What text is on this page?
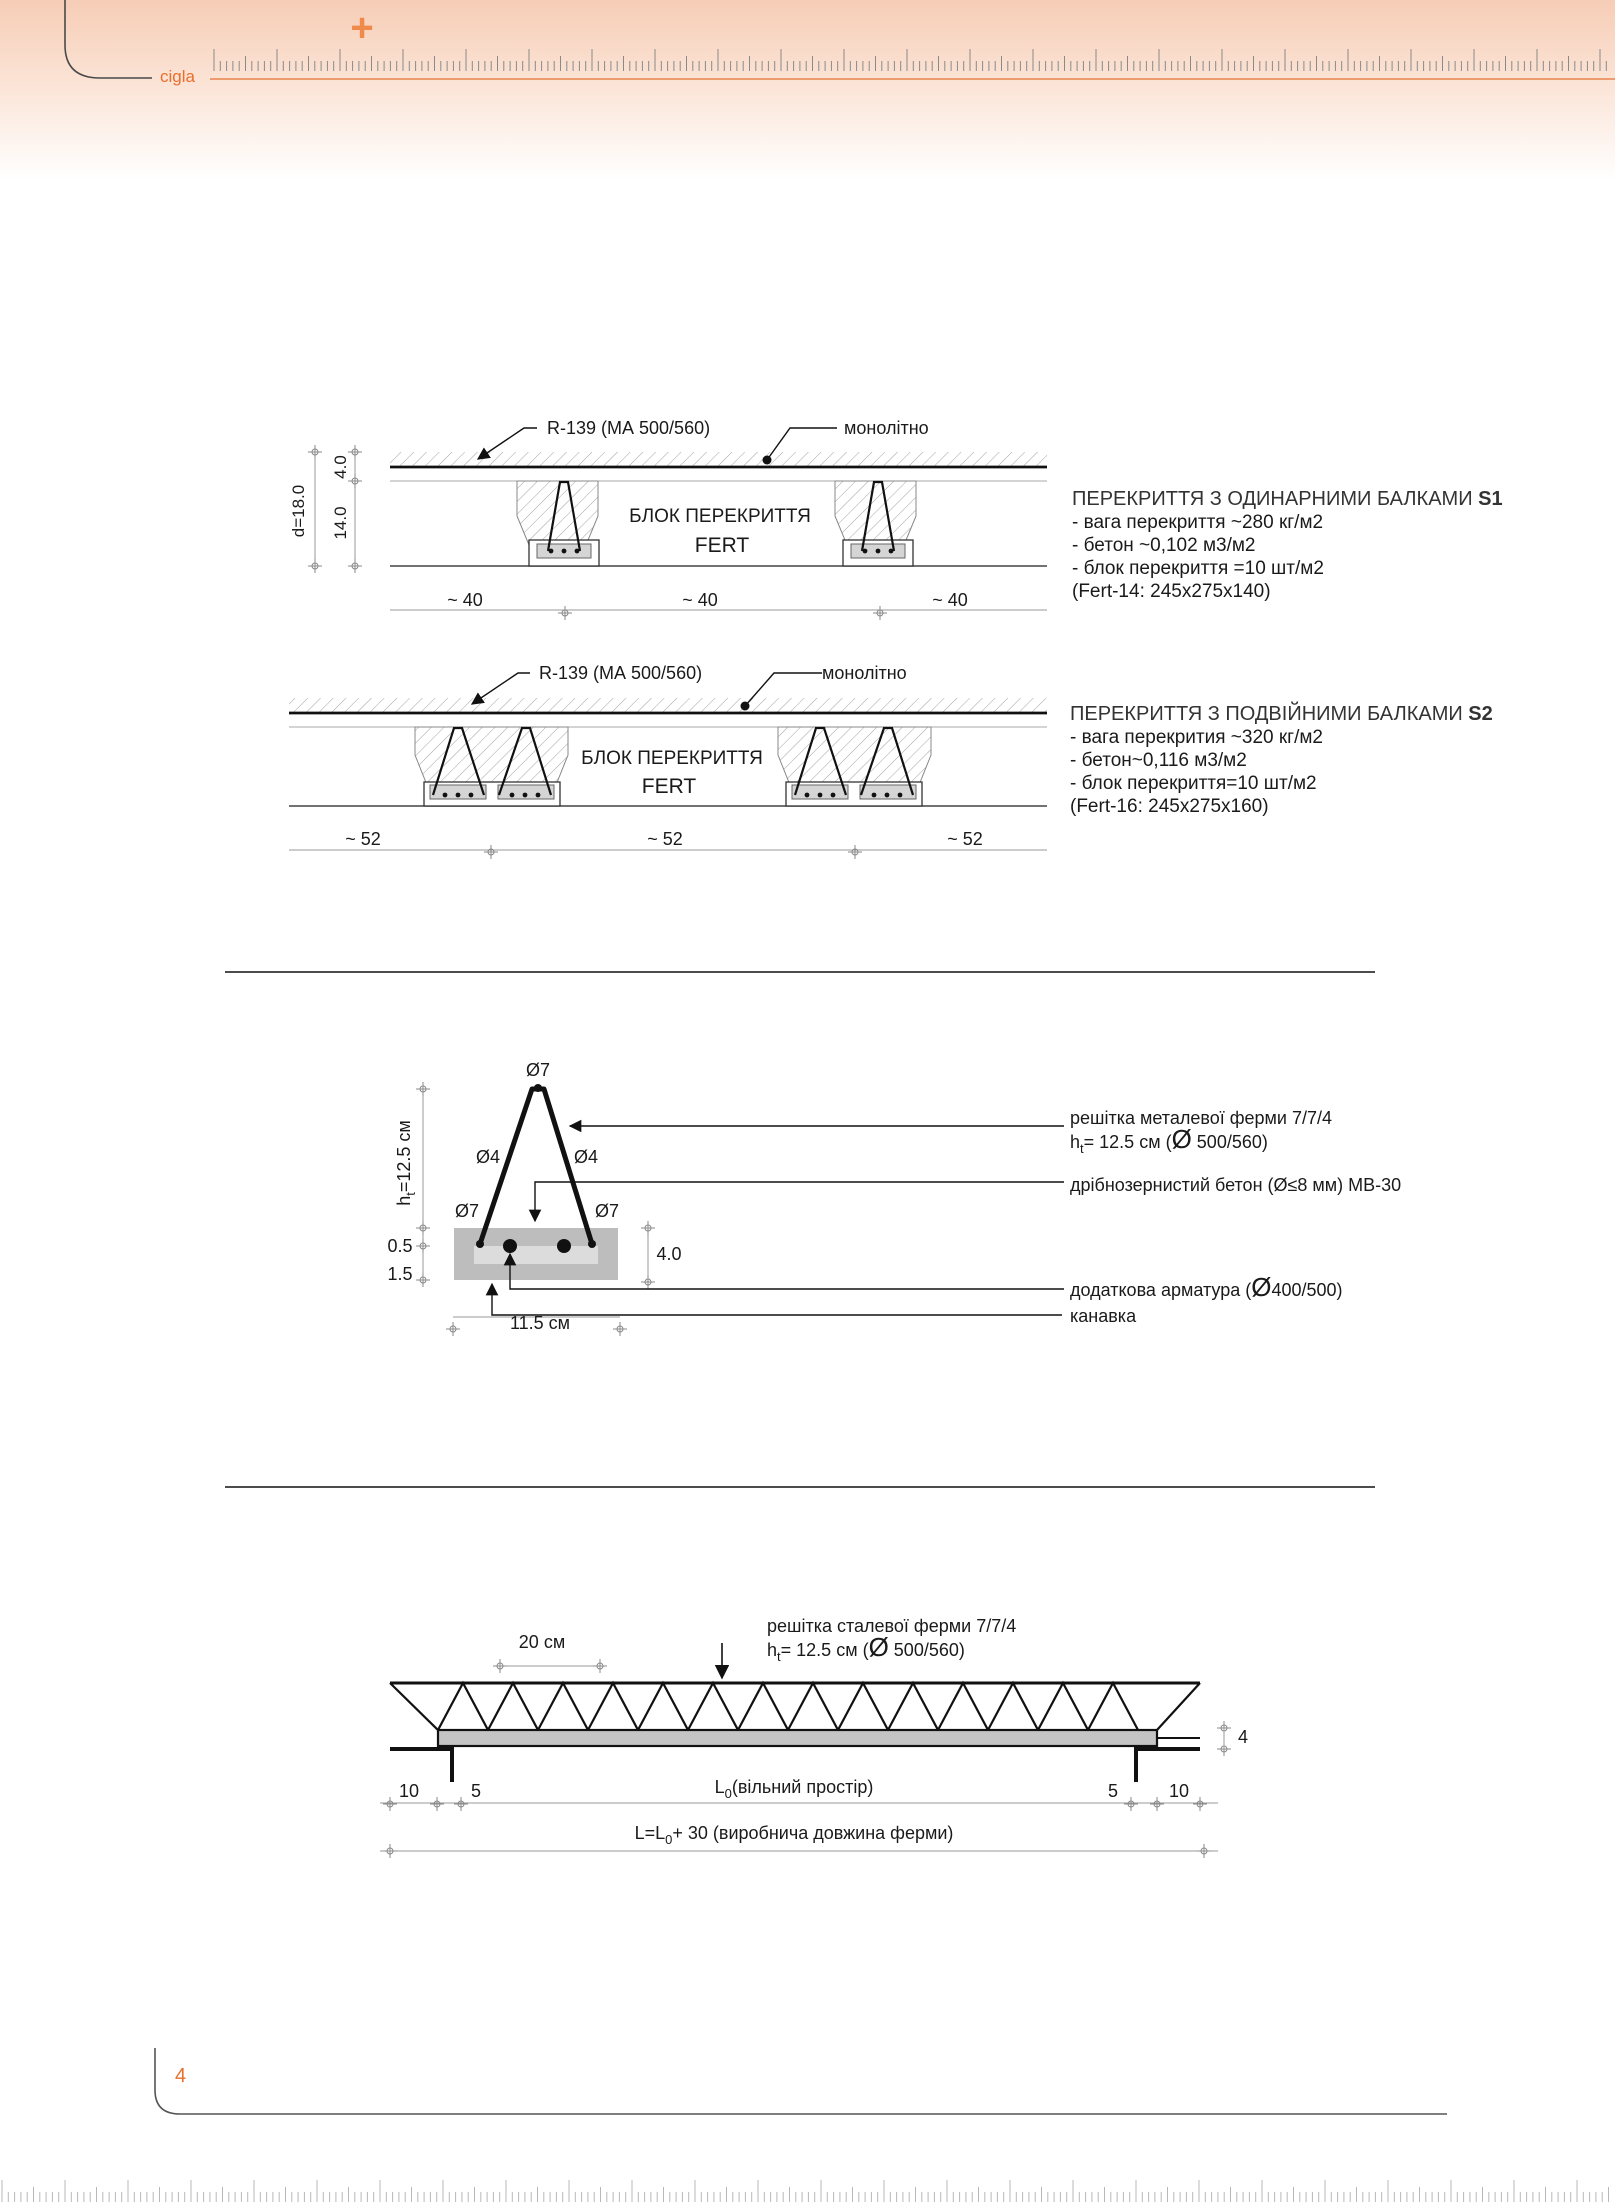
cigla
+
R-139 (МА 500/560)	монолітно
БЛОК ПЕРЕКРИТТЯ
FERT
d=18.0
4.0
14.0
~ 40	~ 40	~ 40
R-139 (МА 500/560)	монолітно
БЛОК ПЕРЕКРИТТЯ
FERT
~ 52	~ 52	~ 52
Ø7
Ø4	Ø4
Ø7	Ø7
$h_t=12.5$ см
0.5
1.5
4.0
11.5 см
решітка металевої ферми 7/7/4
$h_t= 12.5$ см (Ø 500/560)
дрібнозернистий бетон (Ø≤8 мм) МВ-30
додаткова арматура (Ø400/500)
канавка
20 см
решітка сталевої ферми 7/7/4
$h_t= 12.5$ см (Ø 500/560)
4
10	5	5	10
$L_0(вільний$ простір)
$L=L_0+ 30$ (виробнича довжина ферми)
4
ПЕРЕКРИТТЯ З ОДИНАРНИМИ БАЛКАМИ S1
- вага перекриття ~280 кг/м2
- бетон ~0,102 м3/м2
- блок перекриття =10 шт/м2
(Fert-14: 245x275x140)
ПЕРЕКРИТТЯ З ПОДВІЙНИМИ БАЛКАМИ S2
- вага перекрития ~320 кг/м2
- бетон~0,116 м3/м2
- блок перекриття=10 шт/м2
(Fert-16: 245x275x160)
